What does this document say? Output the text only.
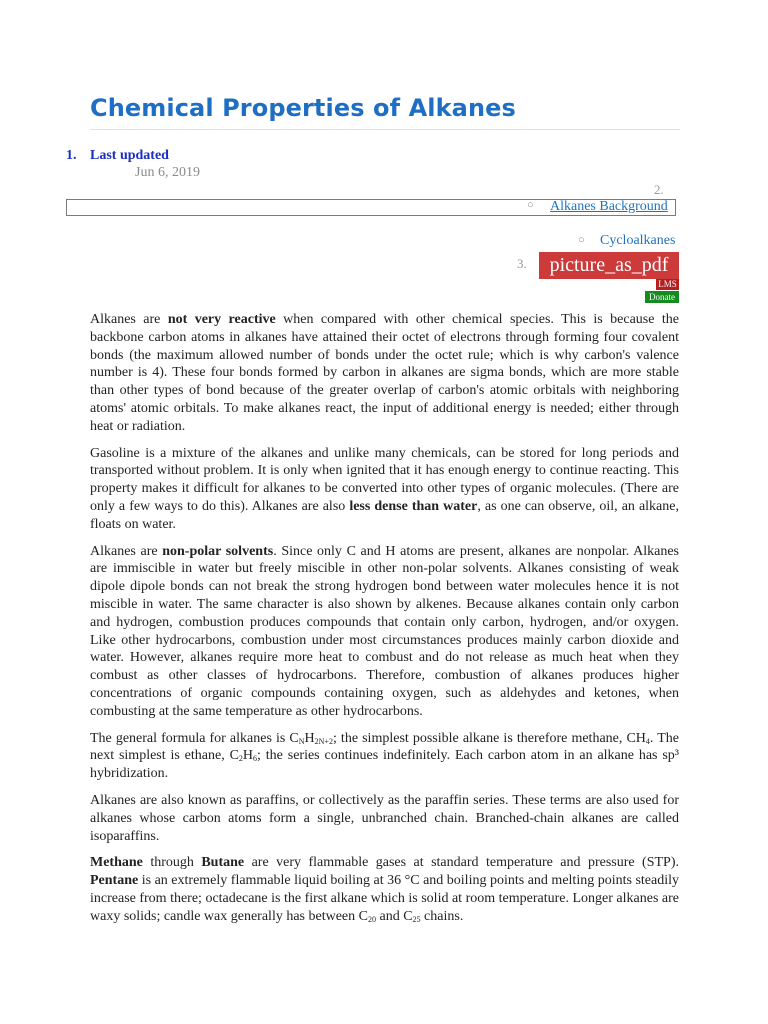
Chemical Properties of Alkanes
1. Last updated
Jun 6, 2019
2.
○ Alkanes Background
○ Cycloalkanes
3.	picture_as_pdf
LMS
Donate

Alkanes are not very reactive when compared with other chemical species. This is because the backbone carbon atoms in alkanes have attained their octet of electrons through forming four covalent bonds (the maximum allowed number of bonds under the octet rule; which is why carbon's valence number is 4). These four bonds formed by carbon in alkanes are sigma bonds, which are more stable than other types of bond because of the greater overlap of carbon's atomic orbitals with neighboring atoms' atomic orbitals. To make alkanes react, the input of additional energy is needed; either through heat or radiation.

Gasoline is a mixture of the alkanes and unlike many chemicals, can be stored for long periods and transported without problem. It is only when ignited that it has enough energy to continue reacting. This property makes it difficult for alkanes to be converted into other types of organic molecules. (There are only a few ways to do this). Alkanes are also less dense than water, as one can observe, oil, an alkane, floats on water.

Alkanes are non-polar solvents. Since only C and H atoms are present, alkanes are nonpolar. Alkanes are immiscible in water but freely miscible in other non-polar solvents. Alkanes consisting of weak dipole dipole bonds can not break the strong hydrogen bond between water molecules hence it is not miscible in water. The same character is also shown by alkenes. Because alkanes contain only carbon and hydrogen, combustion produces compounds that contain only carbon, hydrogen, and/or oxygen. Like other hydrocarbons, combustion under most circumstances produces mainly carbon dioxide and water. However, alkanes require more heat to combust and do not release as much heat when they combust as other classes of hydrocarbons. Therefore, combustion of alkanes produces higher concentrations of organic compounds containing oxygen, such as aldehydes and ketones, when combusting at the same temperature as other hydrocarbons.

The general formula for alkanes is $C_NH_{2N+2}$; the simplest possible alkane is therefore methane, $CH_4$. The next simplest is ethane, $C_2H_6$; the series continues indefinitely. Each carbon atom in an alkane has sp³ hybridization.

Alkanes are also known as paraffins, or collectively as the paraffin series. These terms are also used for alkanes whose carbon atoms form a single, unbranched chain. Branched-chain alkanes are called isoparaffins.

Methane through Butane are very flammable gases at standard temperature and pressure (STP). Pentane is an extremely flammable liquid boiling at 36 °C and boiling points and melting points steadily increase from there; octadecane is the first alkane which is solid at room temperature. Longer alkanes are waxy solids; candle wax generally has between $C_{20}$ and $C_{25}$ chains.
